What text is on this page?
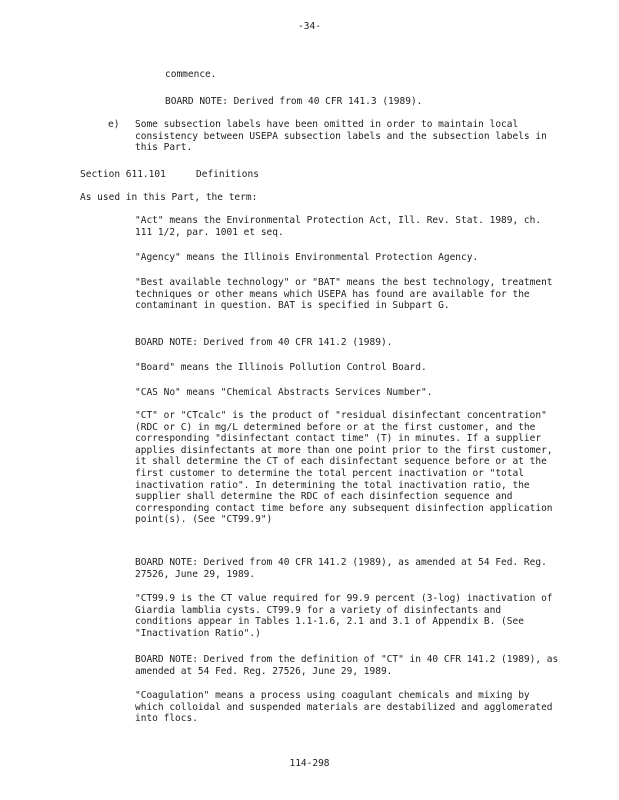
-34-

commence.

BOARD NOTE: Derived from 40 CFR 141.3 (1989).

e) Some subsection labels have been omitted in order to maintain local consistency between USEPA subsection labels and the subsection labels in this Part.

Section 611.101	Definitions

As used in this Part, the term:

"Act" means the Environmental Protection Act, Ill. Rev. Stat. 1989, ch. 111 1/2, par. 1001 et seq.

"Agency" means the Illinois Environmental Protection Agency.

"Best available technology" or "BAT" means the best technology, treatment techniques or other means which USEPA has found are available for the contaminant in question. BAT is specified in Subpart G.

BOARD NOTE: Derived from 40 CFR 141.2 (1989).

"Board" means the Illinois Pollution Control Board.

"CAS No" means "Chemical Abstracts Services Number".

"CT" or "CTcalc" is the product of "residual disinfectant concentration" (RDC or C) in mg/L determined before or at the first customer, and the corresponding "disinfectant contact time" (T) in minutes. If a supplier applies disinfectants at more than one point prior to the first customer, it shall determine the CT of each disinfectant sequence before or at the first customer to determine the total percent inactivation or "total inactivation ratio". In determining the total inactivation ratio, the supplier shall determine the RDC of each disinfection sequence and corresponding contact time before any subsequent disinfection application point(s). (See "CT99.9")

BOARD NOTE: Derived from 40 CFR 141.2 (1989), as amended at 54 Fed. Reg. 27526, June 29, 1989.

"CT99.9 is the CT value required for 99.9 percent (3-log) inactivation of Giardia lamblia cysts. CT99.9 for a variety of disinfectants and conditions appear in Tables 1.1-1.6, 2.1 and 3.1 of Appendix B. (See "Inactivation Ratio".)

BOARD NOTE: Derived from the definition of "CT" in 40 CFR 141.2 (1989), as amended at 54 Fed. Reg. 27526, June 29, 1989.

"Coagulation" means a process using coagulant chemicals and mixing by which colloidal and suspended materials are destabilized and agglomerated into flocs.

114-298
